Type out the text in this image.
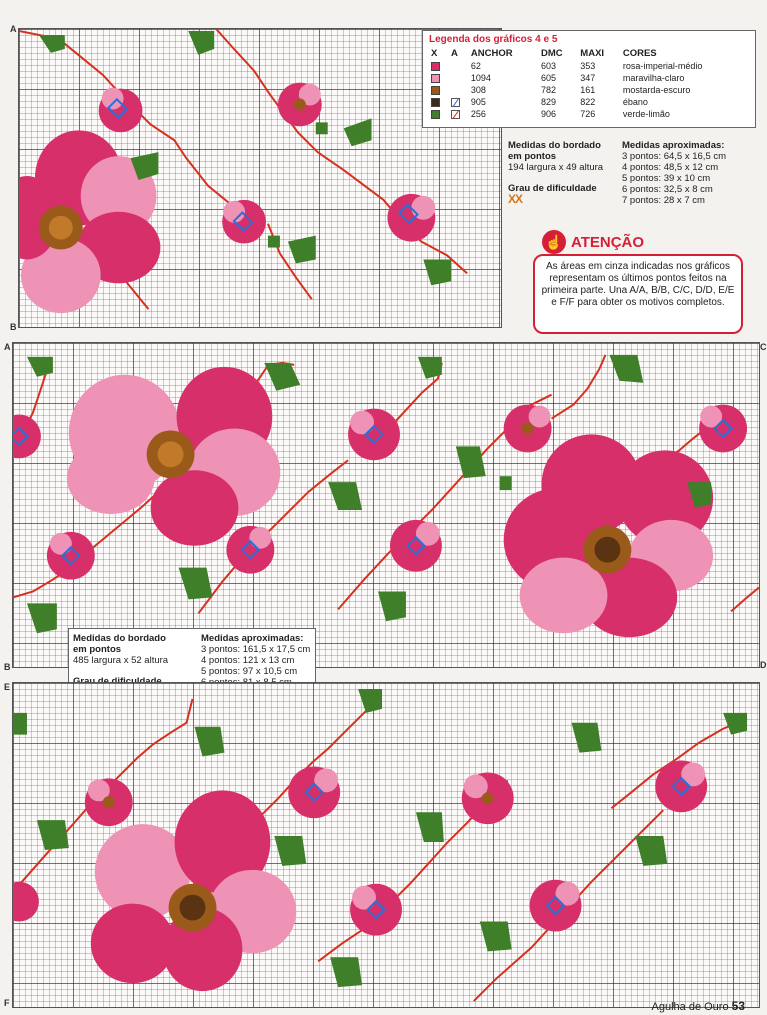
A
B
Legenda dos gráficos 4 e 5
X	A	ANCHOR	DMC	MAXI	CORES
		62	603	353	rosa-imperial-médio
		1094	605	347	maravilha-claro
		308	782	161	mostarda-escuro
		905	829	822	ébano
		256	906	726	verde-limão
Medidas do bordado
em pontos
194 largura x 49 altura
Grau de dificuldade
XX
Medidas aproximadas:
3 pontos: 64,5 x 16,5 cm
4 pontos: 48,5 x 12 cm
5 pontos: 39 x 10 cm
6 pontos: 32,5 x 8 cm
7 pontos: 28 x 7 cm
☝ ATENÇÃO
As áreas em cinza indicadas nos gráficos representam os últimos pontos feitos na primeira parte. Una A/A, B/B, C/C, D/D, E/E e F/F para obter os motivos completos.
A	C
B	D
Medidas do bordado
em pontos
485 largura x 52 altura
Medidas aproximadas:
3 pontos: 161,5 x 17,5 cm
4 pontos: 121 x 13 cm
5 pontos: 97 x 10,5 cm
E
F	Agulha de Ouro 53
